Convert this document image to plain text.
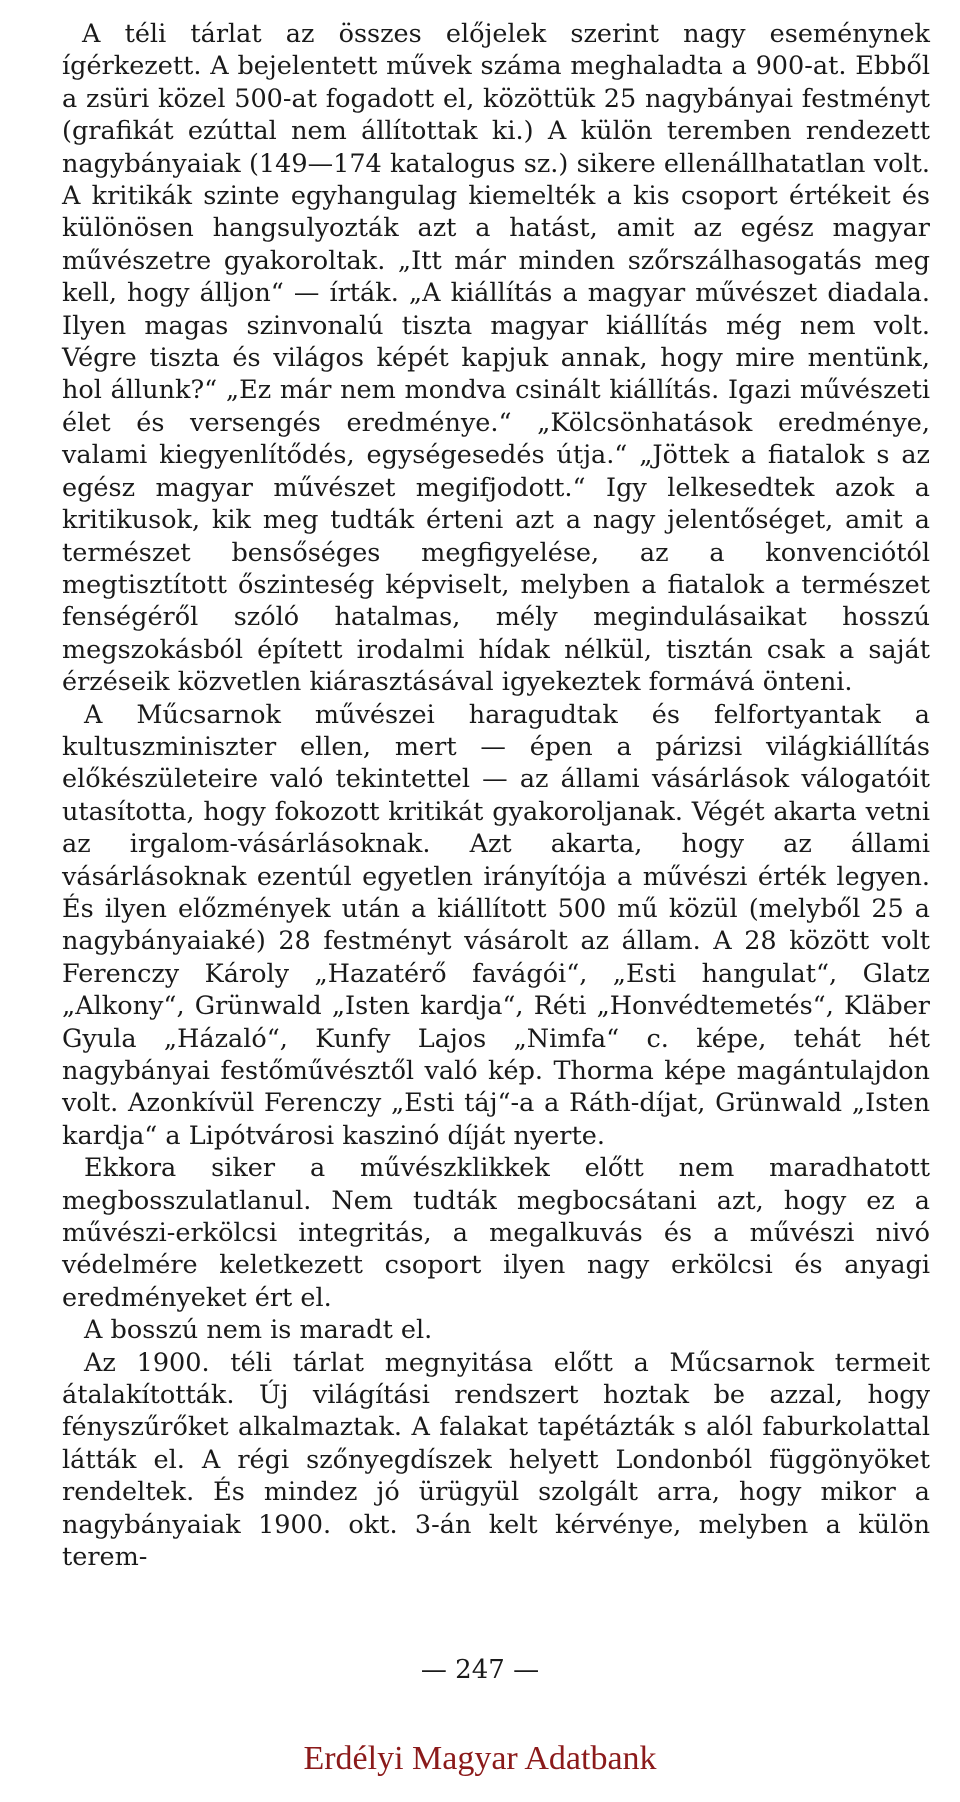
A téli tárlat az összes előjelek szerint nagy eseménynek ígérkezett. A bejelentett művek száma meghaladta a 900-at. Ebből a zsüri közel 500-at fogadott el, közöttük 25 nagybányai festményt (grafikát ezúttal nem állítottak ki.) A külön teremben rendezett nagybányaiak (149—174 katalogus sz.) sikere ellenállhatatlan volt. A kritikák szinte egyhangulag kiemelték a kis csoport értékeit és különösen hangsulyozták azt a hatást, amit az egész magyar művészetre gyakoroltak. „Itt már minden szőrszálhasogatás meg kell, hogy álljon“ — írták. „A kiállítás a magyar művészet diadala. Ilyen magas szinvonalú tiszta magyar kiállítás még nem volt. Végre tiszta és világos képét kapjuk annak, hogy mire mentünk, hol állunk?“ „Ez már nem mondva csinált kiállítás. Igazi művészeti élet és versengés eredménye.“ „Kölcsönhatások eredménye, valami kiegyenlítődés, egységesedés útja.“ „Jöttek a fiatalok s az egész magyar művészet megifjodott.“ Igy lelkesedtek azok a kritikusok, kik meg tudták érteni azt a nagy jelentőséget, amit a természet bensőséges megfigyelése, az a konvenciótól megtisztított őszinteség képviselt, melyben a fiatalok a természet fenségéről szóló hatalmas, mély megindulásaikat hosszú megszokásból épített irodalmi hídak nélkül, tisztán csak a saját érzéseik közvetlen kiárasztásával igyekeztek formává önteni.

A Műcsarnok művészei haragudtak és felfortyantak a kultuszminiszter ellen, mert — épen a párizsi világkiállítás előkészületeire való tekintettel — az állami vásárlások válogatóit utasította, hogy fokozott kritikát gyakoroljanak. Végét akarta vetni az irgalom-vásárlásoknak. Azt akarta, hogy az állami vásárlásoknak ezentúl egyetlen irányítója a művészi érték legyen. És ilyen előzmények után a kiállított 500 mű közül (melyből 25 a nagybányaiaké) 28 festményt vásárolt az állam. A 28 között volt Ferenczy Károly „Hazatérő favágói“, „Esti hangulat“, Glatz „Alkony“, Grünwald „Isten kardja“, Réti „Honvédtemetés“, Kläber Gyula „Házaló“, Kunfy Lajos „Nimfa“ c. képe, tehát hét nagybányai festőművésztől való kép. Thorma képe magántulajdon volt. Azonkívül Ferenczy „Esti táj“-a a Ráth-díjat, Grünwald „Isten kardja“ a Lipótvárosi kaszinó díját nyerte.

Ekkora siker a művészklikkek előtt nem maradhatott megbosszulatlanul. Nem tudták megbocsátani azt, hogy ez a művészi-erkölcsi integritás, a megalkuvás és a művészi nivó védelmére keletkezett csoport ilyen nagy erkölcsi és anyagi eredményeket ért el.

A bosszú nem is maradt el.

Az 1900. téli tárlat megnyitása előtt a Műcsarnok termeit átalakították. Új világítási rendszert hoztak be azzal, hogy fényszűrőket alkalmaztak. A falakat tapétázták s alól faburkolattal látták el. A régi szőnyegdíszek helyett Londonból függönyöket rendeltek. És mindez jó ürügyül szolgált arra, hogy mikor a nagybányaiak 1900. okt. 3-án kelt kérvénye, melyben a külön terem-

— 247 —
Erdélyi Magyar Adatbank
